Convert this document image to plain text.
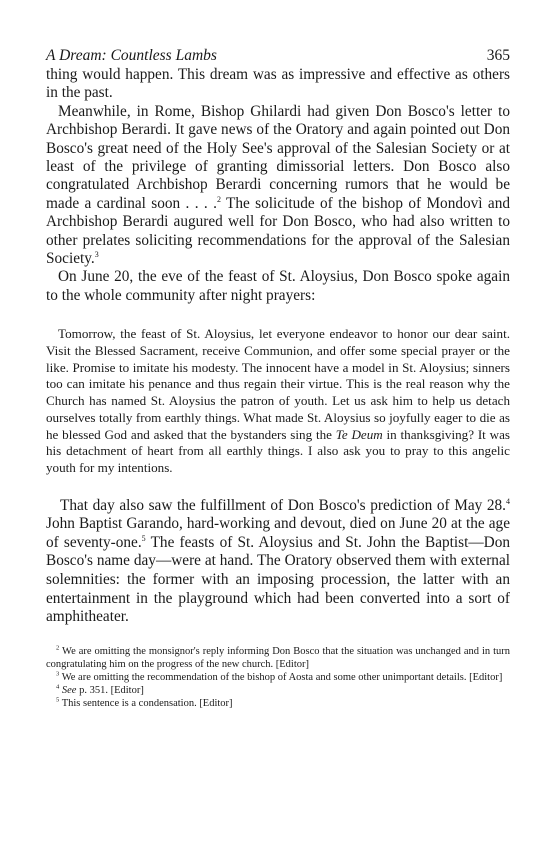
A Dream: Countless Lambs	365

thing would happen. This dream was as impressive and effective as others in the past.

Meanwhile, in Rome, Bishop Ghilardi had given Don Bosco's letter to Archbishop Berardi. It gave news of the Oratory and again pointed out Don Bosco's great need of the Holy See's approval of the Salesian Society or at least of the privilege of granting dimissorial letters. Don Bosco also congratulated Archbishop Berardi concerning rumors that he would be made a cardinal soon . . . .$^2$ The solicitude of the bishop of Mondovì and Archbishop Berardi augured well for Don Bosco, who had also written to other prelates soliciting recommendations for the approval of the Salesian Society.$^3$

On June 20, the eve of the feast of St. Aloysius, Don Bosco spoke again to the whole community after night prayers:

Tomorrow, the feast of St. Aloysius, let everyone endeavor to honor our dear saint. Visit the Blessed Sacrament, receive Communion, and offer some special prayer or the like. Promise to imitate his modesty. The innocent have a model in St. Aloysius; sinners too can imitate his penance and thus regain their virtue. This is the real reason why the Church has named St. Aloysius the patron of youth. Let us ask him to help us detach ourselves totally from earthly things. What made St. Aloysius so joyfully eager to die as he blessed God and asked that the bystanders sing the Te Deum in thanksgiving? It was his detachment of heart from all earthly things. I also ask you to pray to this angelic youth for my intentions.

That day also saw the fulfillment of Don Bosco's prediction of May 28.$^4$ John Baptist Garando, hard-working and devout, died on June 20 at the age of seventy-one.$^5$ The feasts of St. Aloysius and St. John the Baptist—Don Bosco's name day—were at hand. The Oratory observed them with external solemnities: the former with an imposing procession, the latter with an entertainment in the playground which had been converted into a sort of amphitheater.

$^2$ We are omitting the monsignor's reply informing Don Bosco that the situation was unchanged and in turn congratulating him on the progress of the new church. [Editor]

$^3$ We are omitting the recommendation of the bishop of Aosta and some other unimportant details. [Editor]

$^4$ See p. 351. [Editor]

$^5$ This sentence is a condensation. [Editor]
